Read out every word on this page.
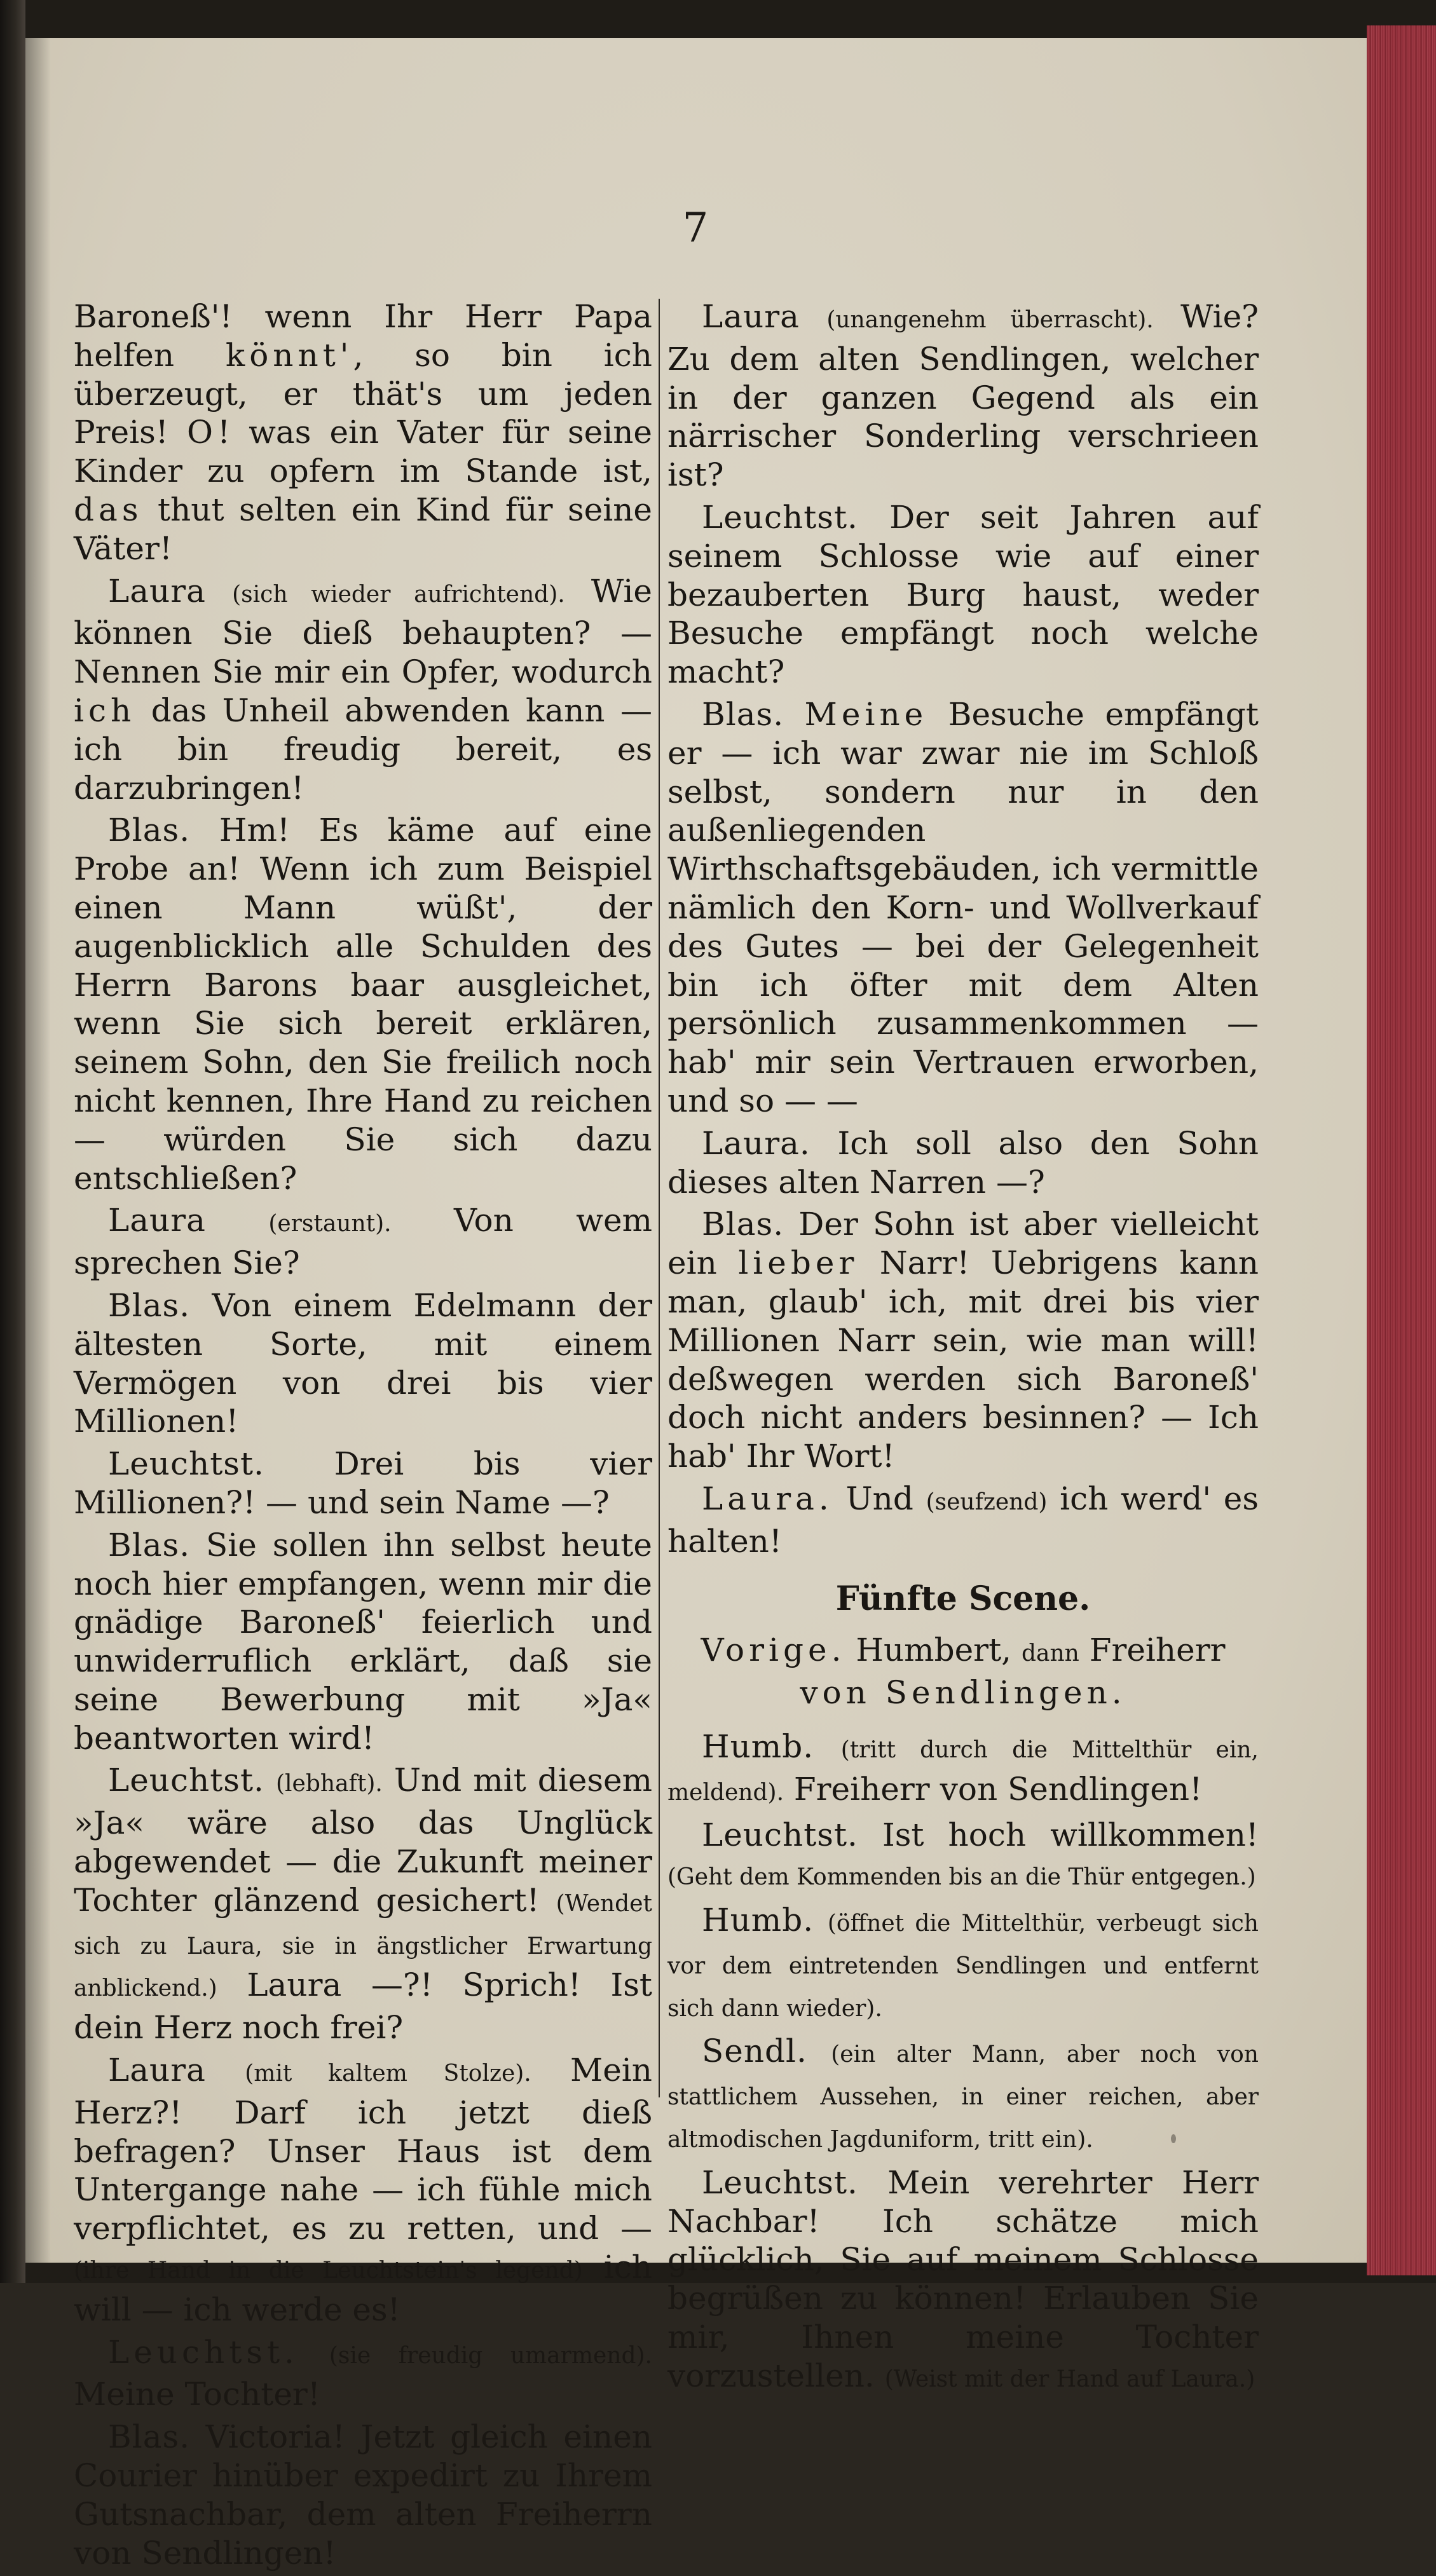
7

Baroneß'! wenn Ihr Herr Papa helfen könnt', so bin ich überzeugt, er thät's um jeden Preis! O! was ein Vater für seine Kinder zu opfern im Stande ist, das thut selten ein Kind für seine Väter!

Laura (sich wieder aufrichtend). Wie können Sie dieß behaupten? — Nennen Sie mir ein Opfer, wodurch ich das Unheil abwenden kann — ich bin freudig bereit, es darzubringen!

Blas. Hm! Es käme auf eine Probe an! Wenn ich zum Beispiel einen Mann wüßt', der augenblicklich alle Schulden des Herrn Barons baar ausgleichet, wenn Sie sich bereit erklären, seinem Sohn, den Sie freilich noch nicht kennen, Ihre Hand zu reichen — würden Sie sich dazu entschließen?

Laura	(erstaunt). Von wem sprechen Sie?

Blas. Von einem Edelmann der ältesten Sorte, mit einem Vermögen von drei bis vier Millionen!

Leuchtst. Drei bis vier Millionen?! — und sein Name —?

Blas. Sie sollen ihn selbst heute noch hier empfangen, wenn mir die gnädige Baroneß' feierlich und unwiderruflich erklärt, daß sie seine Bewerbung mit »Ja« beantworten wird!

Leuchtst. (lebhaft). Und mit diesem »Ja« wäre also das Unglück abgewendet — die Zukunft meiner Tochter glänzend gesichert! (Wendet sich zu Laura, sie in ängstlicher Erwartung anblickend.) Laura —?! Sprich! Ist dein Herz noch frei?

Laura (mit kaltem Stolze). Mein Herz?! Darf ich jetzt dieß befragen? Unser Haus ist dem Untergange nahe — ich fühle mich verpflichtet, es zu retten, und — (ihre Hand in die Leuchtstein's legend) ich will — ich werde es!

Leuchtst. (sie freudig umarmend). Meine Tochter!

Blas. Victoria! Jetzt gleich einen Courier hinüber expedirt zu Ihrem Gutsnachbar, dem alten Freiherrn von Sendlingen!

Laura (unangenehm überrascht). Wie? Zu dem alten Sendlingen, welcher in der ganzen Gegend als ein närrischer Sonderling verschrieen ist?

Leuchtst. Der seit Jahren auf seinem Schlosse wie auf einer bezauberten Burg haust, weder Besuche empfängt noch welche macht?

Blas. Meine Besuche empfängt er — ich war zwar nie im Schloß selbst, sondern nur in den außenliegenden Wirthschaftsgebäuden, ich vermittle nämlich den Korn- und Wollverkauf des Gutes — bei der Gelegenheit bin ich öfter mit dem Alten persönlich zusammenkommen — hab' mir sein Vertrauen erworben, und so — —

Laura. Ich soll also den Sohn dieses alten Narren —?

Blas. Der Sohn ist aber vielleicht ein lieber Narr! Uebrigens kann man, glaub' ich, mit drei bis vier Millionen Narr sein, wie man will! deßwegen werden sich Baroneß' doch nicht anders besinnen? — Ich hab' Ihr Wort!

Laura. Und (seufzend) ich werd' es halten!

Fünfte Scene.

Vorige. Humbert, dann Freiherr
von Sendlingen.

Humb. (tritt durch die Mittelthür ein, meldend). Freiherr von Sendlingen!

Leuchtst. Ist hoch willkommen! (Geht dem Kommenden bis an die Thür entgegen.)

Humb. (öffnet die Mittelthür, verbeugt sich vor dem eintretenden Sendlingen und entfernt sich dann wieder).

Sendl. (ein alter Mann, aber noch von stattlichem Aussehen, in einer reichen, aber altmodischen Jagduniform, tritt ein).

Leuchtst. Mein verehrter Herr Nachbar! Ich schätze mich glücklich, Sie auf meinem Schlosse begrüßen zu können! Erlauben Sie mir, Ihnen meine Tochter vorzustellen. (Weist mit der Hand auf Laura.)
